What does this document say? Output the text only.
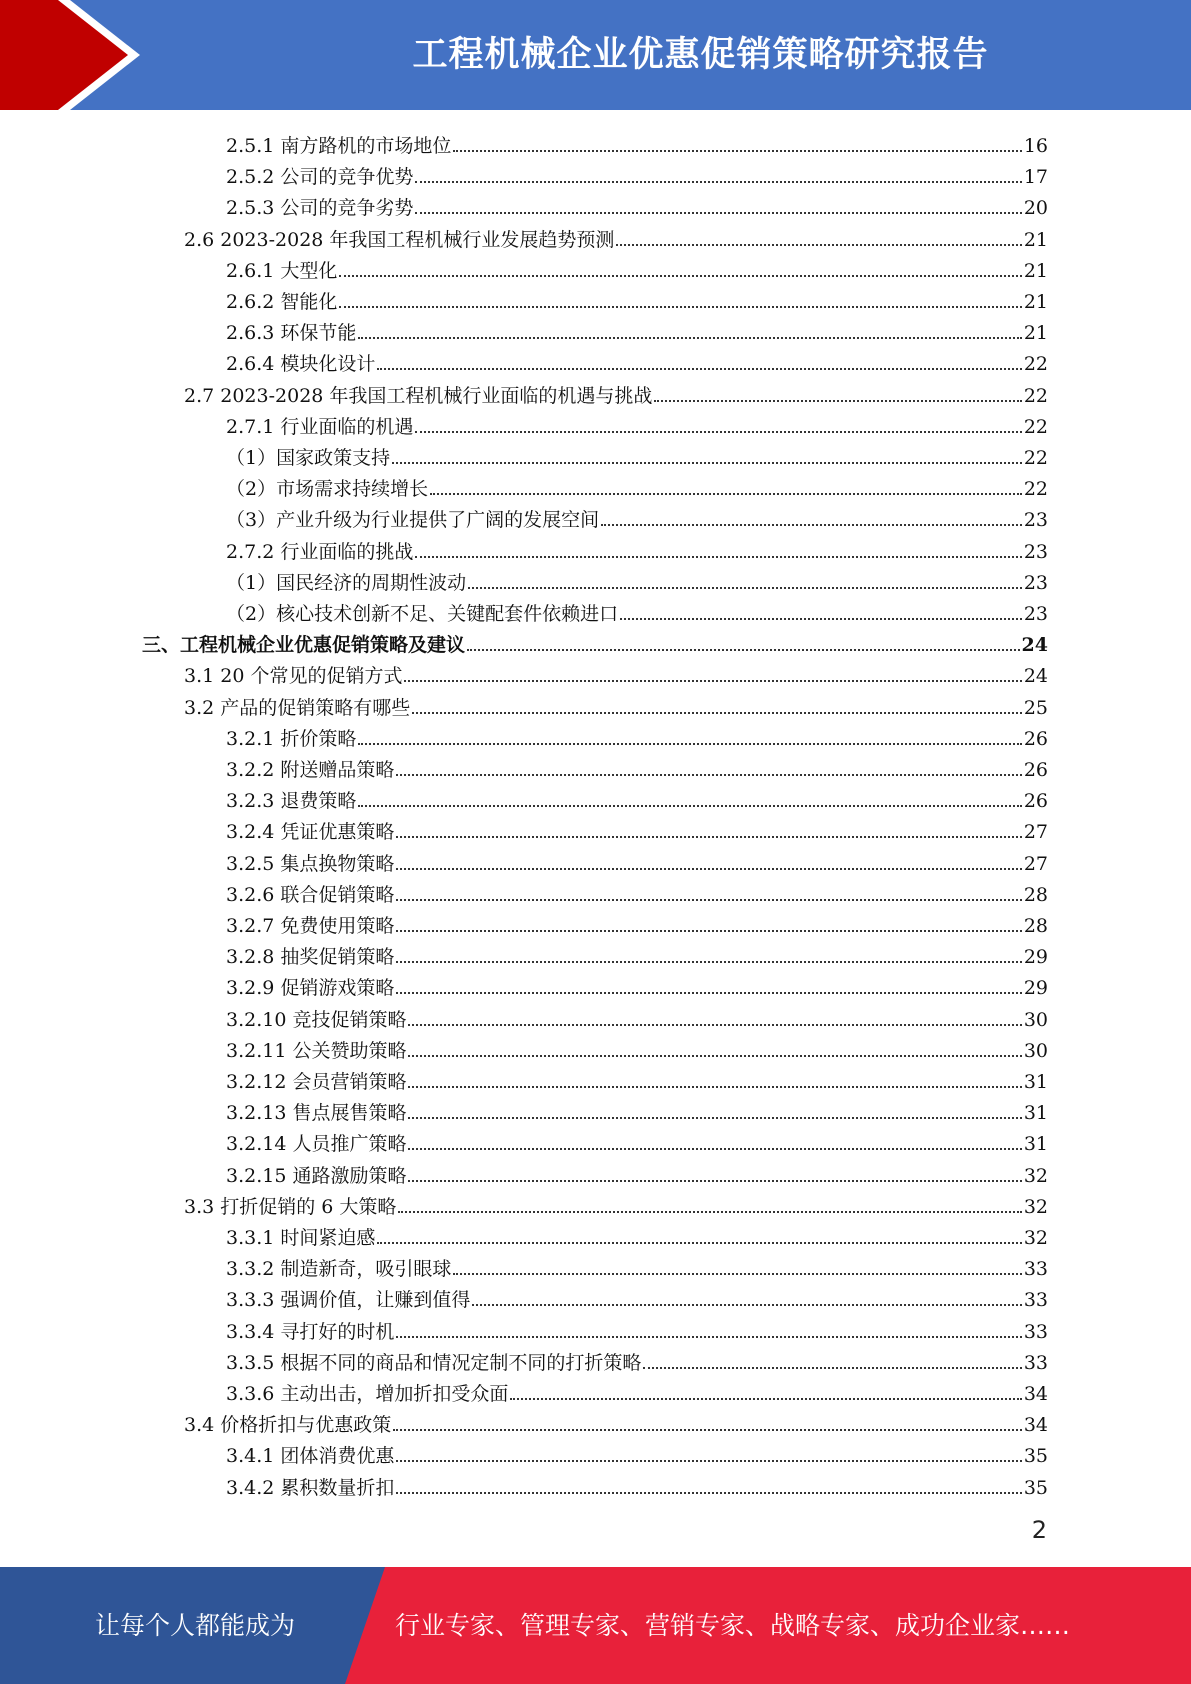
工程机械企业优惠促销策略研究报告
2.5.1 南方路机的市场地位	16
2.5.2 公司的竞争优势	17
2.5.3 公司的竞争劣势	20
2.6 2023-2028 年我国工程机械行业发展趋势预测	21
2.6.1 大型化	21
2.6.2 智能化	21
2.6.3 环保节能	21
2.6.4 模块化设计	22
2.7 2023-2028 年我国工程机械行业面临的机遇与挑战	22
2.7.1 行业面临的机遇	22
（1）国家政策支持	22
（2）市场需求持续增长	22
（3）产业升级为行业提供了广阔的发展空间	23
2.7.2 行业面临的挑战	23
（1）国民经济的周期性波动	23
（2）核心技术创新不足、关键配套件依赖进口	23
三、工程机械企业优惠促销策略及建议	24
3.1 20 个常见的促销方式	24
3.2 产品的促销策略有哪些	25
3.2.1 折价策略	26
3.2.2 附送赠品策略	26
3.2.3 退费策略	26
3.2.4 凭证优惠策略	27
3.2.5 集点换物策略	27
3.2.6 联合促销策略	28
3.2.7 免费使用策略	28
3.2.8 抽奖促销策略	29
3.2.9 促销游戏策略	29
3.2.10 竞技促销策略	30
3.2.11 公关赞助策略	30
3.2.12 会员营销策略	31
3.2.13 售点展售策略	31
3.2.14 人员推广策略	31
3.2.15 通路激励策略	32
3.3 打折促销的 6 大策略	32
3.3.1 时间紧迫感	32
3.3.2 制造新奇，吸引眼球	33
3.3.3 强调价值，让赚到值得	33
3.3.4 寻打好的时机	33
3.3.5 根据不同的商品和情况定制不同的打折策略	33
3.3.6 主动出击，增加折扣受众面	34
3.4 价格折扣与优惠政策	34
3.4.1 团体消费优惠	35
3.4.2 累积数量折扣	35
2
让每个人都能成为	行业专家、管理专家、营销专家、战略专家、成功企业家……
